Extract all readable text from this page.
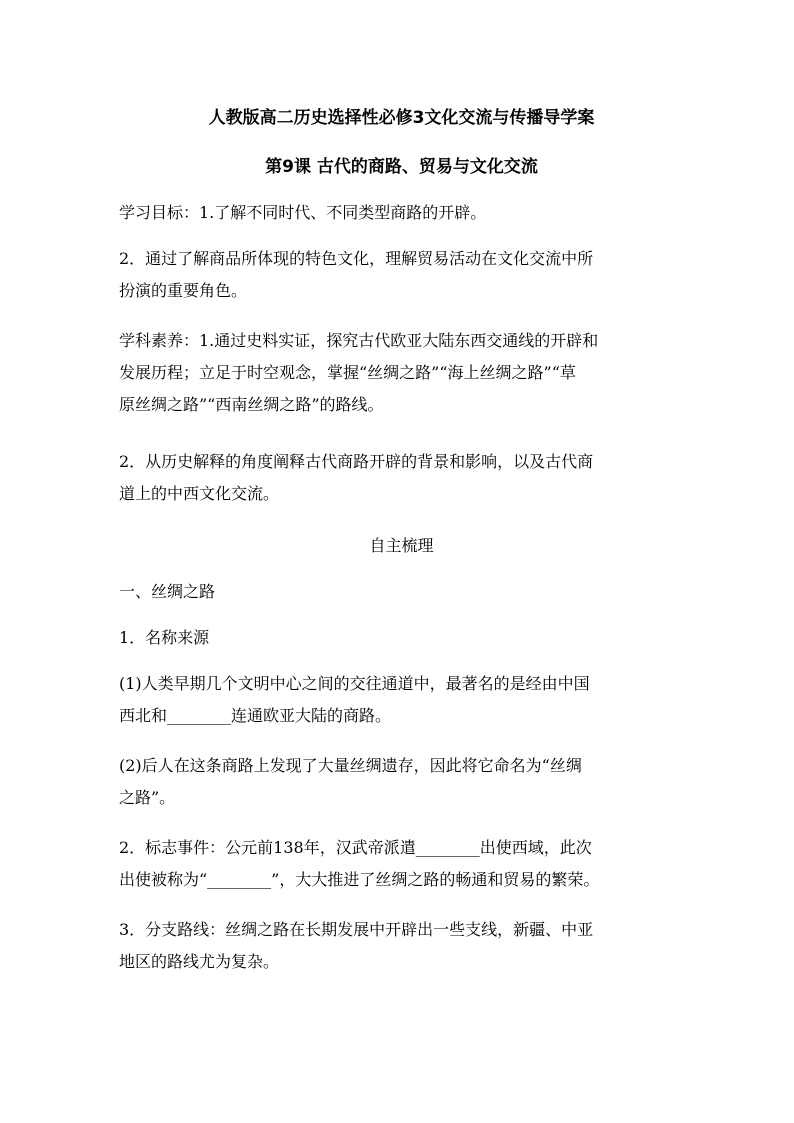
人教版高二历史选择性必修3文化交流与传播导学案
第9课 古代的商路、贸易与文化交流
学习目标：1.了解不同时代、不同类型商路的开辟。
2．通过了解商品所体现的特色文化，理解贸易活动在文化交流中所
扮演的重要角色。
学科素养：1.通过史料实证，探究古代欧亚大陆东西交通线的开辟和
发展历程；立足于时空观念，掌握“丝绸之路”“海上丝绸之路”“草
原丝绸之路”“西南丝绸之路”的路线。
2．从历史解释的角度阐释古代商路开辟的背景和影响，以及古代商
道上的中西文化交流。
自主梳理
一、丝绸之路
1．名称来源
(1)人类早期几个文明中心之间的交往通道中，最著名的是经由中国
西北和________连通欧亚大陆的商路。
(2)后人在这条商路上发现了大量丝绸遗存，因此将它命名为“丝绸
之路”。
2．标志事件：公元前138年，汉武帝派遣________出使西域，此次
出使被称为“________”，大大推进了丝绸之路的畅通和贸易的繁荣。
3．分支路线：丝绸之路在长期发展中开辟出一些支线，新疆、中亚
地区的路线尤为复杂。
